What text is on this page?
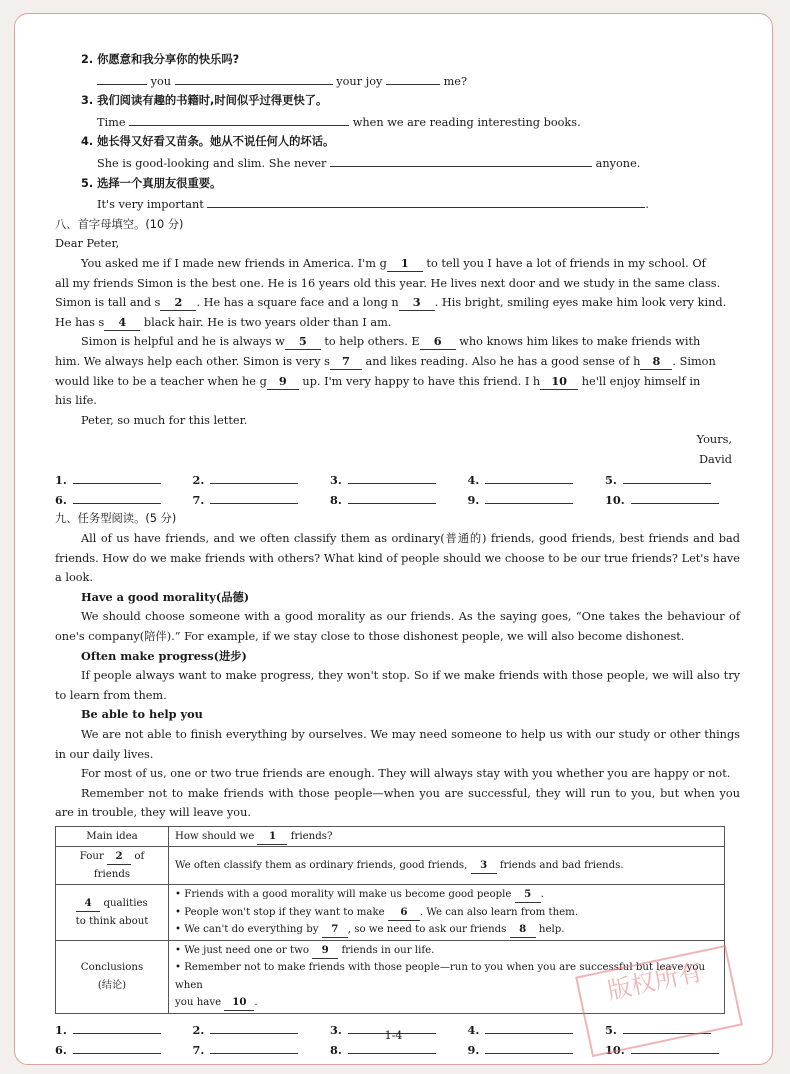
2. 你愿意和我分享你的快乐吗?
you	your joy	me?
3. 我们阅读有趣的书籍时,时间似乎过得更快了。
Time	when we are reading interesting books.
4. 她长得又好看又苗条。她从不说任何人的坏话。
She is good-looking and slim. She never	anyone.
5. 选择一个真朋友很重要。
It's very important	.
八、首字母填空。(10 分)
Dear Peter,
You asked me if I made new friends in America. I'm g 1 to tell you I have a lot of friends in my school. Of
all my friends Simon is the best one. He is 16 years old this year. He lives next door and we study in the same class.
Simon is tall and s 2 . He has a square face and a long n 3 . His bright, smiling eyes make him look very kind.
He has s 4 black hair. He is two years older than I am.
Simon is helpful and he is always w 5 to help others. E 6 who knows him likes to make friends with
him. We always help each other. Simon is very s 7 and likes reading. Also he has a good sense of h 8 . Simon
would like to be a teacher when he g 9 up. I'm very happy to have this friend. I h 10 he'll enjoy himself in
his life.
Peter, so much for this letter.
Yours,
David
1.	2.	3.	4.	5.
6.	7.	8.	9.	10.
九、任务型阅读。(5 分)
All of us have friends, and we often classify them as ordinary(普通的) friends, good friends, best friends and bad friends. How do we make friends with others? What kind of people should we choose to be our true friends? Let's have a look.
Have a good morality(品德)
We should choose someone with a good morality as our friends. As the saying goes, “One takes the behaviour of one's company(陪伴).” For example, if we stay close to those dishonest people, we will also become dishonest.
Often make progress(进步)
If people always want to make progress, they won't stop. So if we make friends with those people, we will also try to learn from them.
Be able to help you
We are not able to finish everything by ourselves. We may need someone to help us with our study or other things in our daily lives.
For most of us, one or two true friends are enough. They will always stay with you whether you are happy or not.
Remember not to make friends with those people—when you are successful, they will run to you, but when you are in trouble, they will leave you.
Main idea	How should we 1 friends?
Four 2 of friends	We often classify them as ordinary friends, good friends, 3 friends and bad friends.
4 qualities
to think about	• Friends with a good morality will make us become good people 5 .
• People won't stop if they want to make 6 . We can also learn from them.
• We can't do everything by 7 , so we need to ask our friends 8 help.
Conclusions
(结论)	• We just need one or two 9 friends in our life.
• Remember not to make friends with those people—run to you when you are successful but leave you when
you have 10 .
1.	2.	3.	4.	5.
6.	7.	8.	9.	10.
1-4
版权所有
